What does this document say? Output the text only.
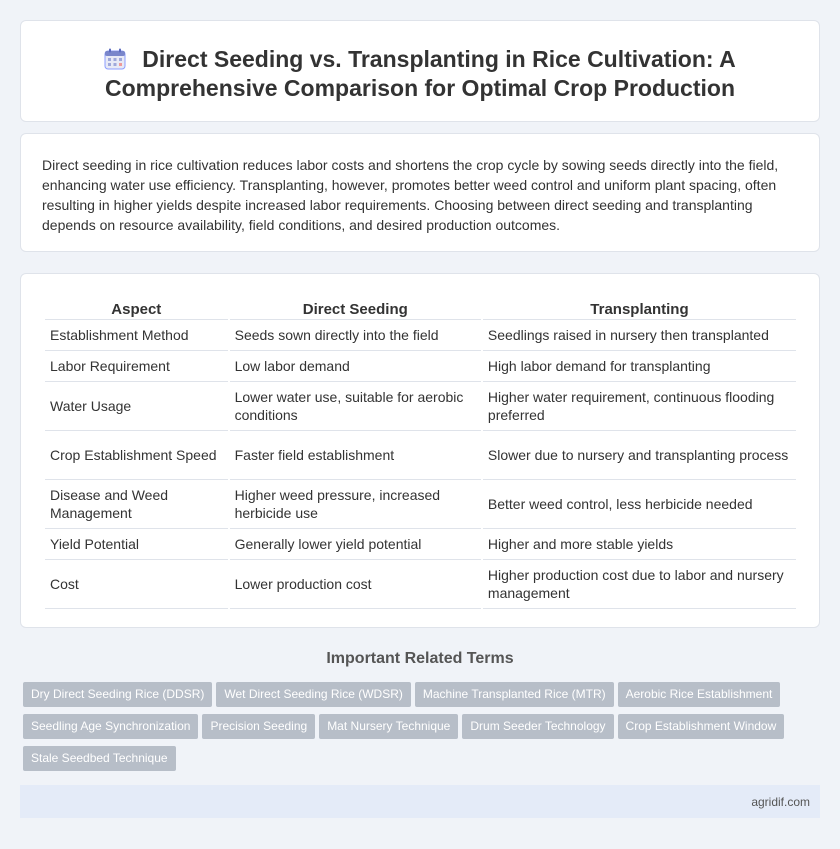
Direct Seeding vs. Transplanting in Rice Cultivation: A Comprehensive Comparison for Optimal Crop Production

Direct seeding in rice cultivation reduces labor costs and shortens the crop cycle by sowing seeds directly into the field, enhancing water use efficiency. Transplanting, however, promotes better weed control and uniform plant spacing, often resulting in higher yields despite increased labor requirements. Choosing between direct seeding and transplanting depends on resource availability, field conditions, and desired production outcomes.

Aspect	Direct Seeding	Transplanting
Establishment Method	Seeds sown directly into the field	Seedlings raised in nursery then transplanted
Labor Requirement	Low labor demand	High labor demand for transplanting
Water Usage	Lower water use, suitable for aerobic conditions	Higher water requirement, continuous flooding preferred
Crop Establishment Speed	Faster field establishment	Slower due to nursery and transplanting process
Disease and Weed Management	Higher weed pressure, increased herbicide use	Better weed control, less herbicide needed
Yield Potential	Generally lower yield potential	Higher and more stable yields
Cost	Lower production cost	Higher production cost due to labor and nursery management
Important Related Terms
Dry Direct Seeding Rice (DDSR) Wet Direct Seeding Rice (WDSR) Machine Transplanted Rice (MTR) Aerobic Rice Establishment
Seedling Age Synchronization Precision Seeding Mat Nursery Technique Drum Seeder Technology Crop Establishment Window
Stale Seedbed Technique
agridif.com
